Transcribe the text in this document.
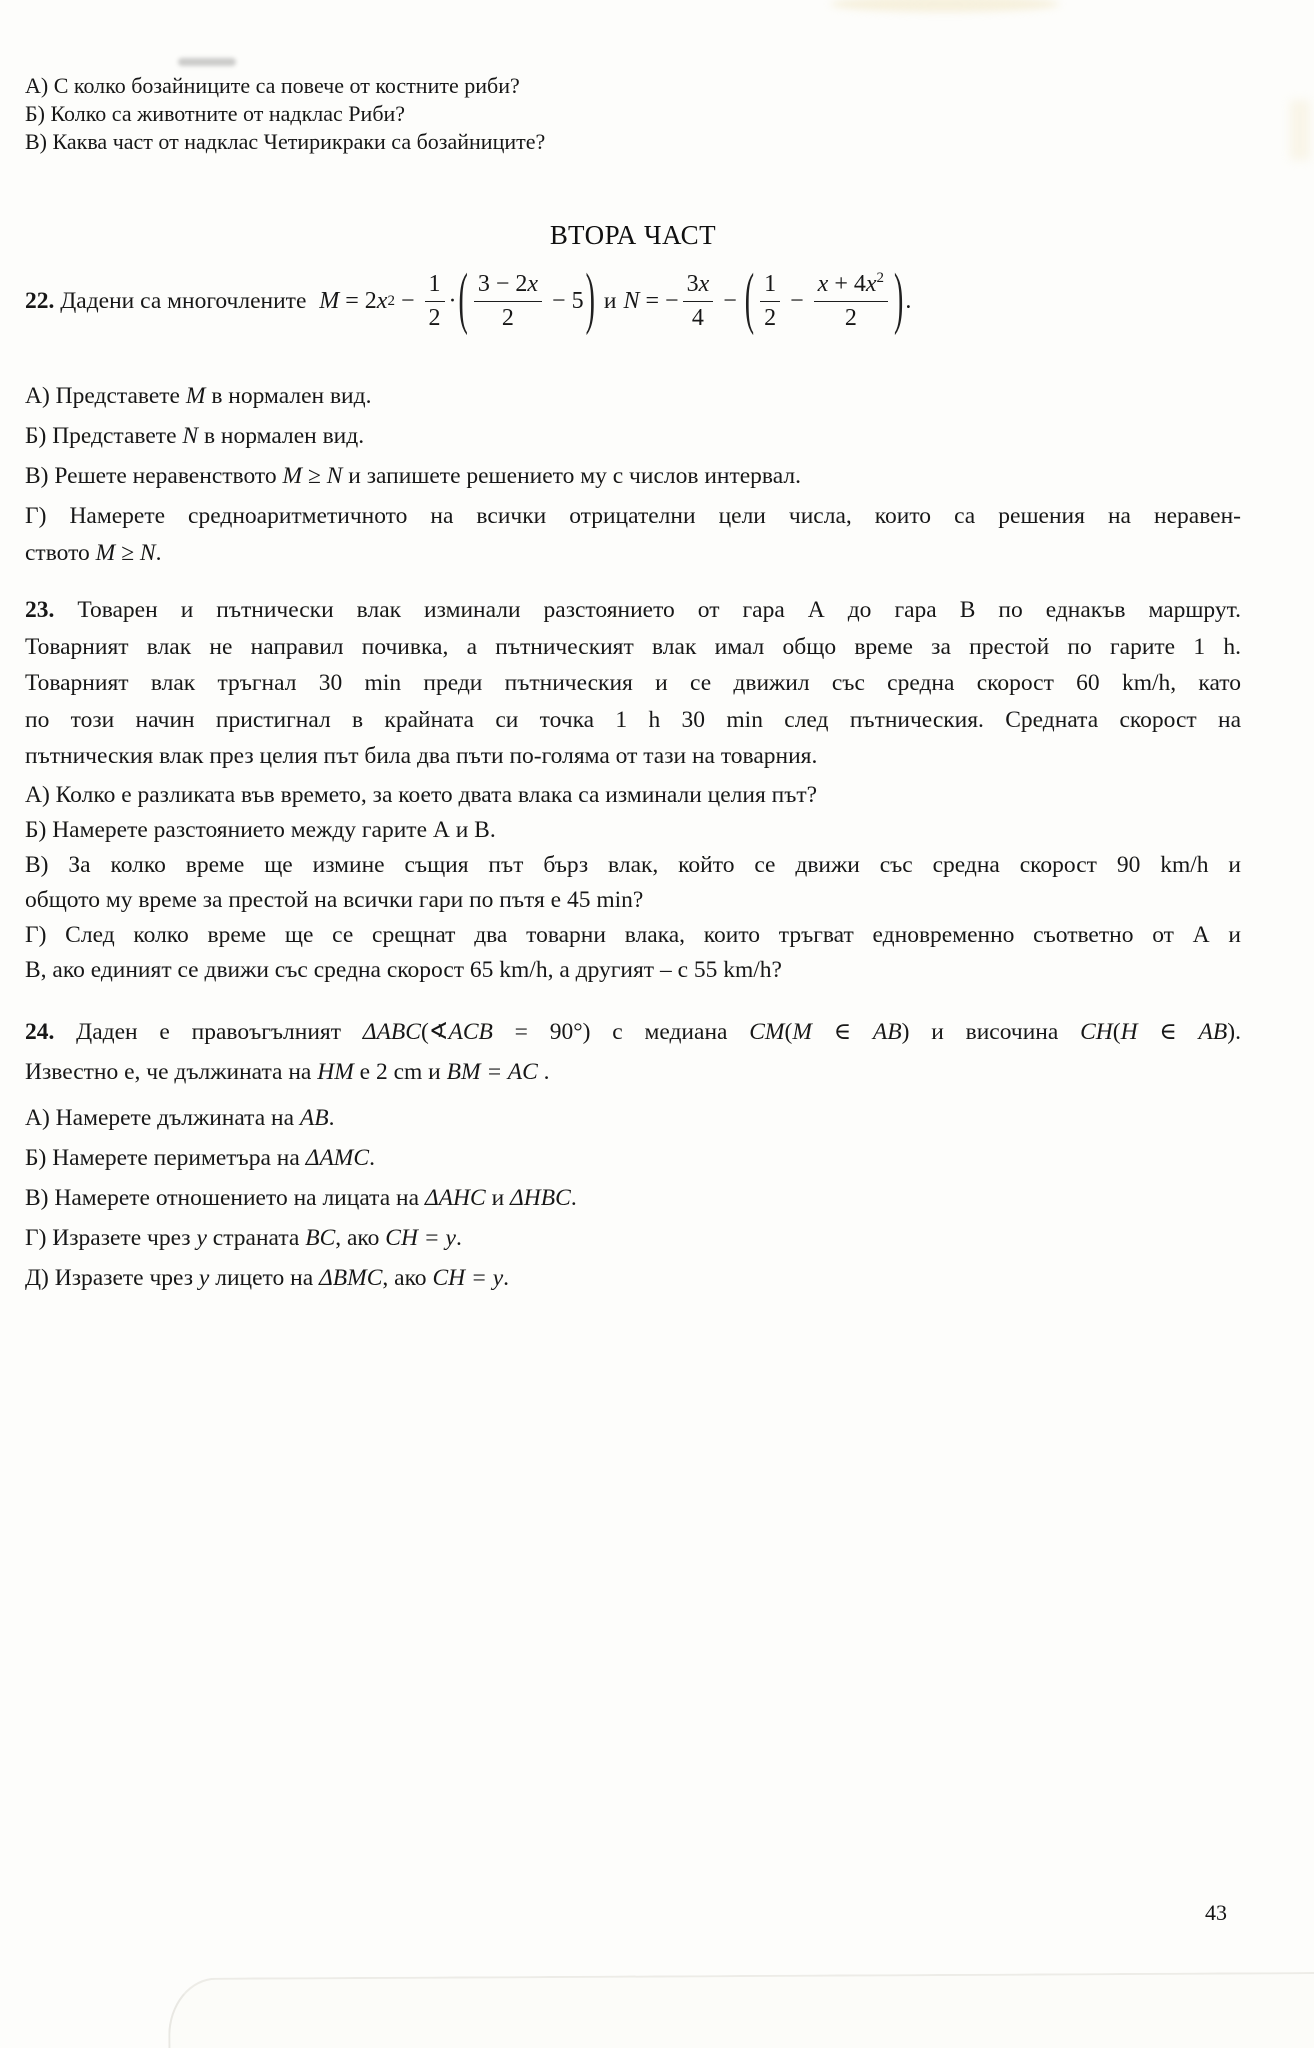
А) С колко бозайниците са повече от костните риби?
Б) Колко са животните от надклас Риби?
В) Каква част от надклас Четирикраки са бозайниците?
ВТОРА ЧАСТ
22. Дадени са многочлените M = 2 x $2 - \frac{1}{2}$ · ( $\frac{3 - 2x}{2} - 5$ ) и N = − $\frac{3x}{4}$ − ( $\frac{1}{2} - \frac{x + 4x^2}{2}$ ) .
А) Представете M в нормален вид.
Б) Представете N в нормален вид.
В) Решете неравенството M ≥ N и запишете решението му с числов интервал.
Г) Намерете средноаритметичното на всички отрицателни цели числа, които са решения на неравен-
ството M ≥ N.
23. Товарен и пътнически влак изминали разстоянието от гара А до гара В по еднакъв маршрут.
Товарният влак не направил почивка, а пътническият влак имал общо време за престой по гарите 1 h.
Товарният влак тръгнал 30 min преди пътническия и се движил със средна скорост 60 km/h, като
по този начин пристигнал в крайната си точка 1 h 30 min след пътническия. Средната скорост на
пътническия влак през целия път била два пъти по-голяма от тази на товарния.
А) Колко е разликата във времето, за което двата влака са изминали целия път?
Б) Намерете разстоянието между гарите А и В.
В) За колко време ще измине същия път бърз влак, който се движи със средна скорост 90 km/h и
общото му време за престой на всички гари по пътя е 45 min?
Г) След колко време ще се срещнат два товарни влака, които тръгват едновременно съответно от А и
В, ако единият се движи със средна скорост 65 km/h, а другият – с 55 km/h?
24. Даден е правоъгълният ΔABC(∢ACB = 90°) с медиана CM(M ∈ AB) и височина CH(H ∈ AB).
Известно е, че дължината на HM е 2 cm и BM = AC .
А) Намерете дължината на AB.
Б) Намерете периметъра на ΔAMC.
В) Намерете отношението на лицата на ΔAHC и ΔHBC.
Г) Изразете чрез y страната BC, ако CH = y.
Д) Изразете чрез y лицето на ΔBMC, ако CH = y.
43
